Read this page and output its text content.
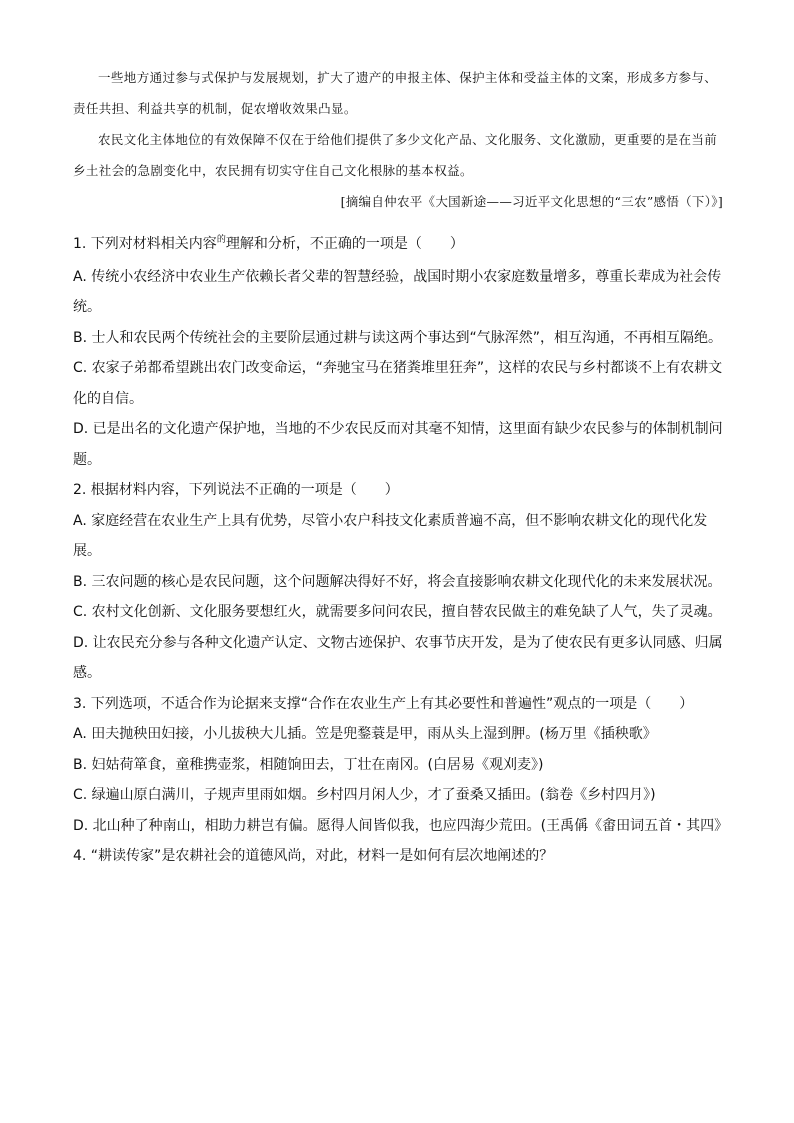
一些地方通过参与式保护与发展规划，扩大了遗产的申报主体、保护主体和受益主体的文案，形成多方参与、责任共担、利益共享的机制，促农增收效果凸显。

农民文化主体地位的有效保障不仅在于给他们提供了多少文化产品、文化服务、文化激励，更重要的是在当前乡土社会的急剧变化中，农民拥有切实守住自己文化根脉的基本权益。

[摘编自仲农平《大国新途——习近平文化思想的“三农”感悟（下）》]

1. 下列对材料相关内容$^的$理解和分析，不正确的一项是（　　）

A. 传统小农经济中农业生产依赖长者父辈的智慧经验，战国时期小农家庭数量增多，尊重长辈成为社会传统。

B. 士人和农民两个传统社会的主要阶层通过耕与读这两个事达到“气脉浑然”，相互沟通，不再相互隔绝。

C. 农家子弟都希望跳出农门改变命运，“奔驰宝马在猪粪堆里狂奔”，这样的农民与乡村都谈不上有农耕文化的自信。

D. 已是出名的文化遗产保护地，当地的不少农民反而对其毫不知情，这里面有缺少农民参与的体制机制问题。

2. 根据材料内容，下列说法不正确的一项是（　　）

A. 家庭经营在农业生产上具有优势，尽管小农户科技文化素质普遍不高，但不影响农耕文化的现代化发展。

B. 三农问题的核心是农民问题，这个问题解决得好不好，将会直接影响农耕文化现代化的未来发展状况。

C. 农村文化创新、文化服务要想红火，就需要多问问农民，擅自替农民做主的难免缺了人气，失了灵魂。

D. 让农民充分参与各种文化遗产认定、文物古迹保护、农事节庆开发，是为了使农民有更多认同感、归属感。

3. 下列选项，不适合作为论据来支撑“合作在农业生产上有其必要性和普遍性”观点的一项是（　　）

A. 田夫抛秧田妇接，小儿拔秧大儿插。笠是兜鍪蓑是甲，雨从头上湿到胛。(杨万里《插秧歌》

B. 妇姑荷箪食，童稚携壶浆，相随饷田去，丁壮在南冈。(白居易《观刈麦》)

C. 绿遍山原白满川，子规声里雨如烟。乡村四月闲人少，才了蚕桑又插田。(翁卷《乡村四月》)

D. 北山种了种南山，相助力耕岂有偏。愿得人间皆似我，也应四海少荒田。(王禹偁《畬田词五首・其四》

4. “耕读传家”是农耕社会的道德风尚，对此，材料一是如何有层次地阐述的？
